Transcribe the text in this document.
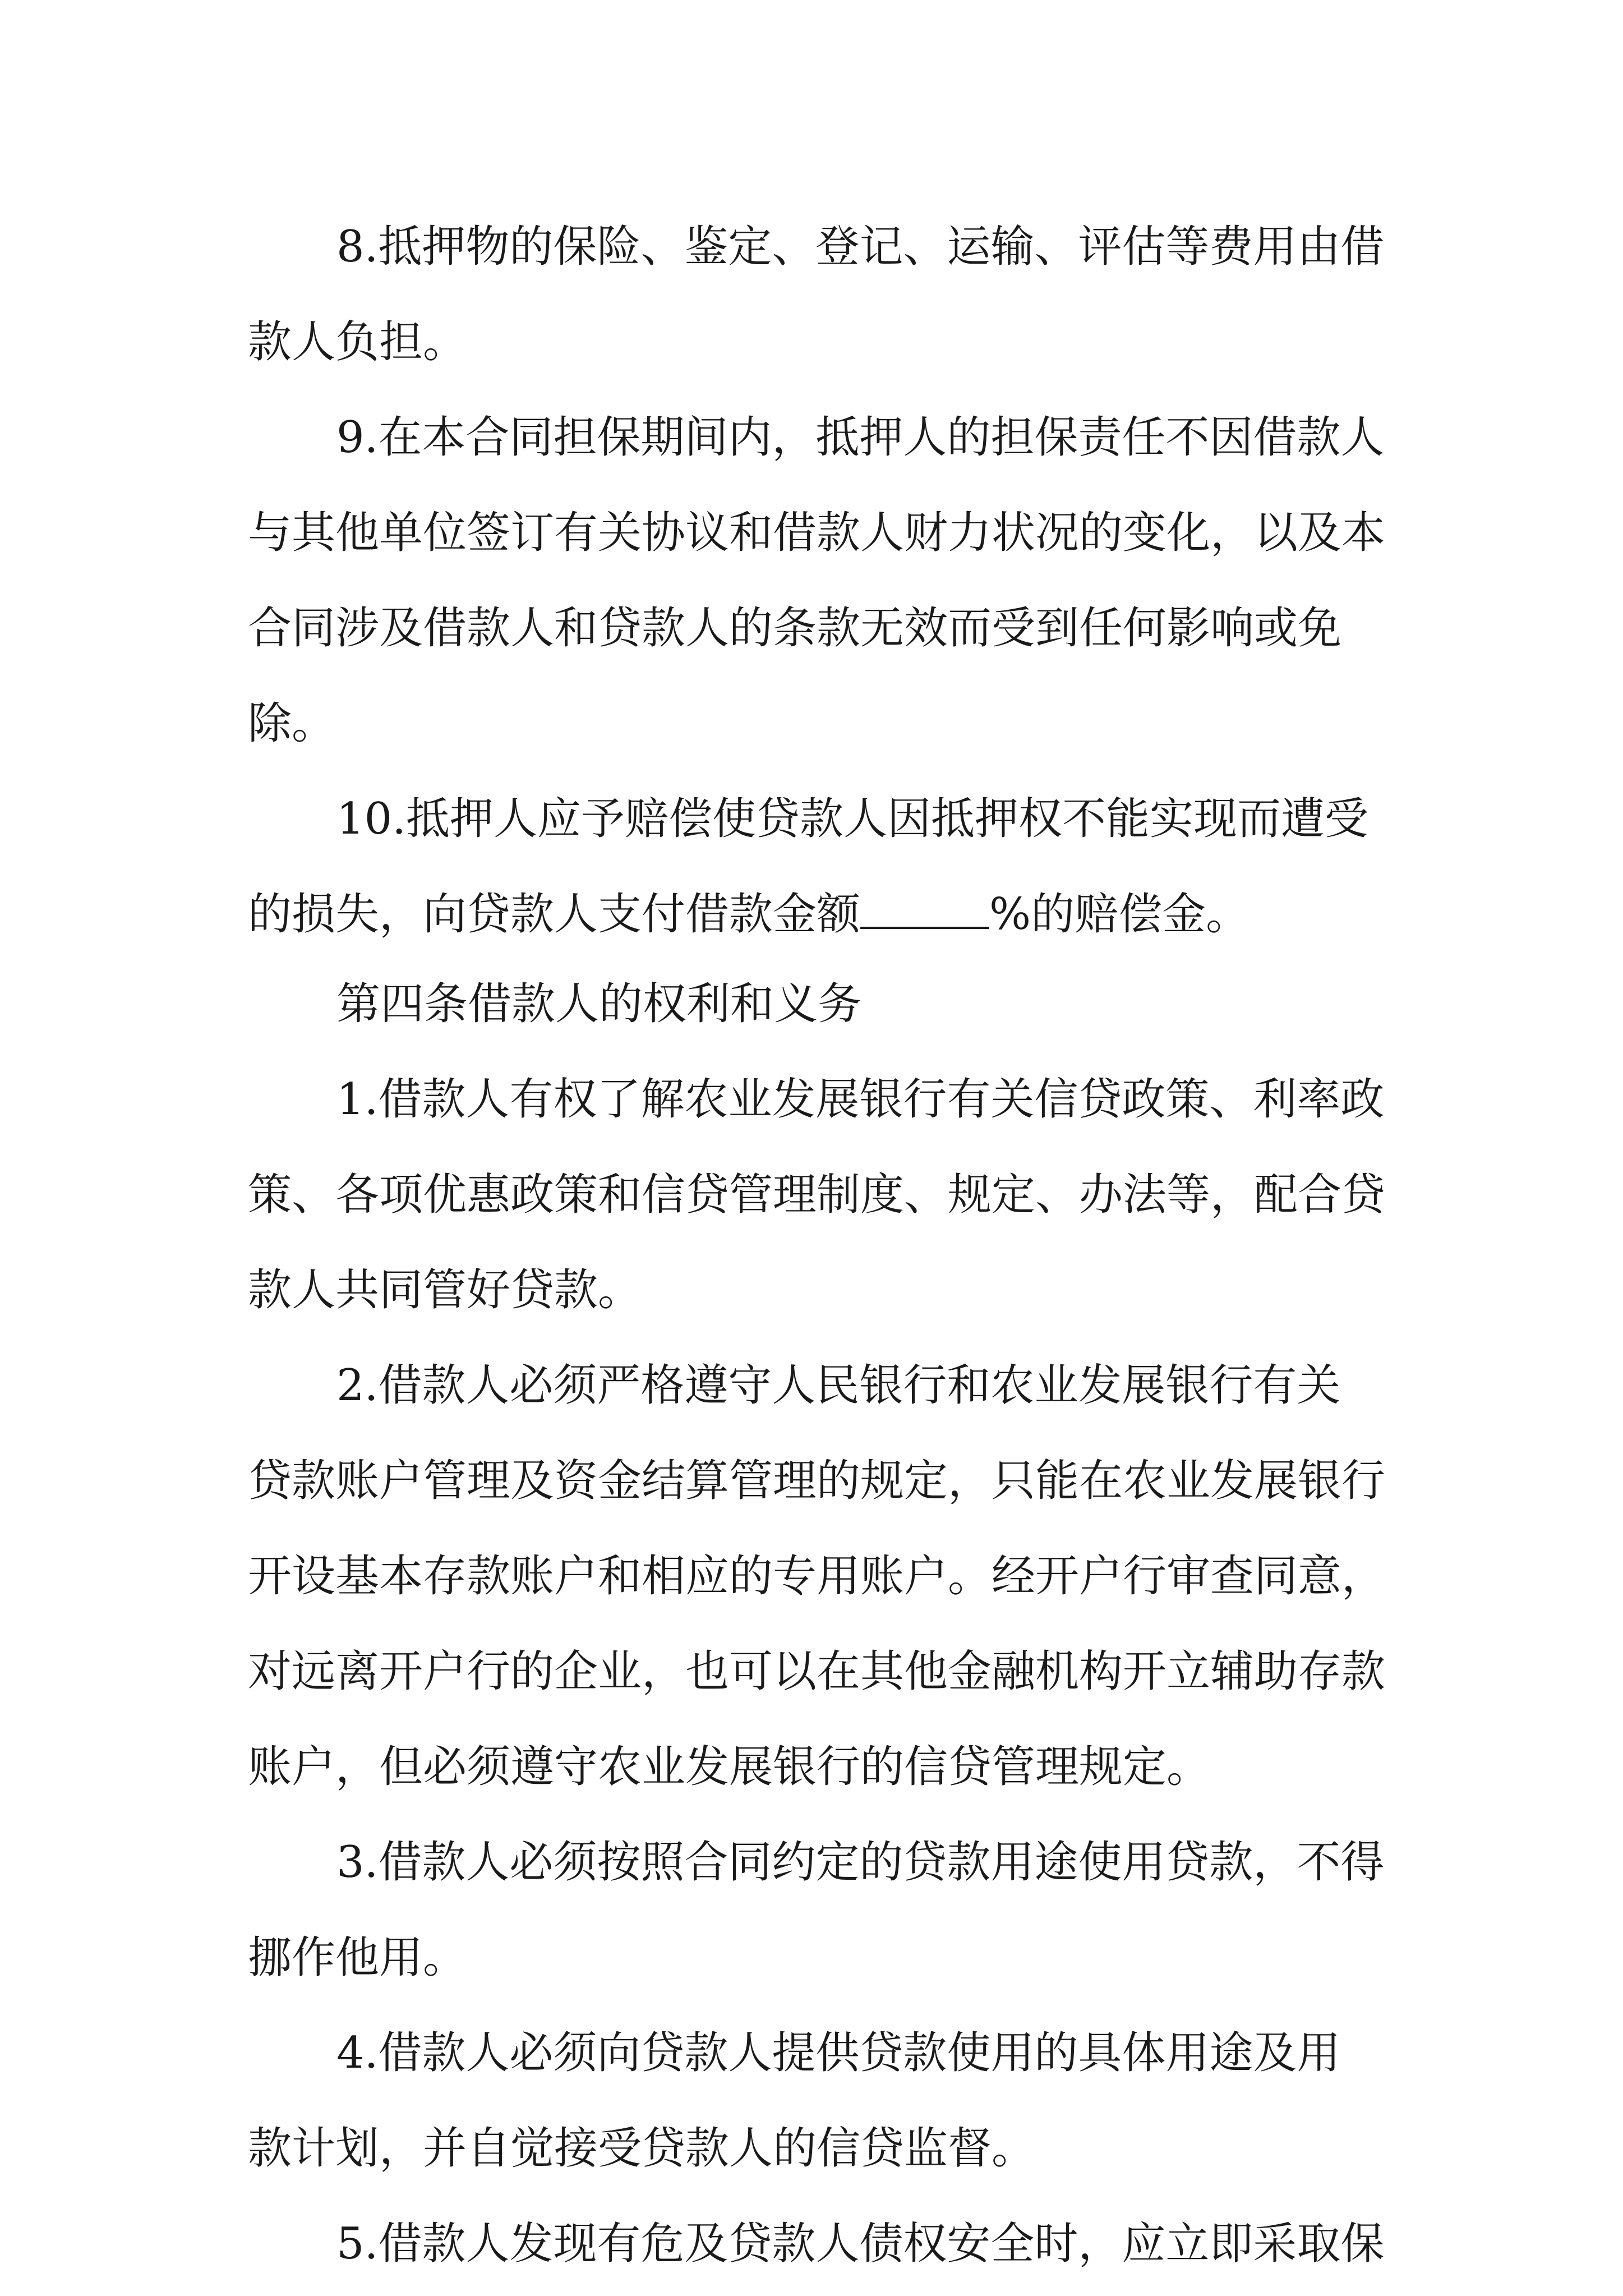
8.抵押物的保险、鉴定、登记、运输、评估等费用由借
款人负担。
9.在本合同担保期间内，抵押人的担保责任不因借款人
与其他单位签订有关协议和借款人财力状况的变化，以及本
合同涉及借款人和贷款人的条款无效而受到任何影响或免
除。
10.抵押人应予赔偿使贷款人因抵押权不能实现而遭受
的损失，向贷款人支付借款金额	%的赔偿金。
第四条借款人的权利和义务
1.借款人有权了解农业发展银行有关信贷政策、利率政
策、各项优惠政策和信贷管理制度、规定、办法等，配合贷
款人共同管好贷款。
2.借款人必须严格遵守人民银行和农业发展银行有关
贷款账户管理及资金结算管理的规定，只能在农业发展银行
开设基本存款账户和相应的专用账户。经开户行审查同意，
对远离开户行的企业，也可以在其他金融机构开立辅助存款
账户，但必须遵守农业发展银行的信贷管理规定。
3.借款人必须按照合同约定的贷款用途使用贷款，不得
挪作他用。
4.借款人必须向贷款人提供贷款使用的具体用途及用
款计划，并自觉接受贷款人的信贷监督。
5.借款人发现有危及贷款人债权安全时，应立即采取保
